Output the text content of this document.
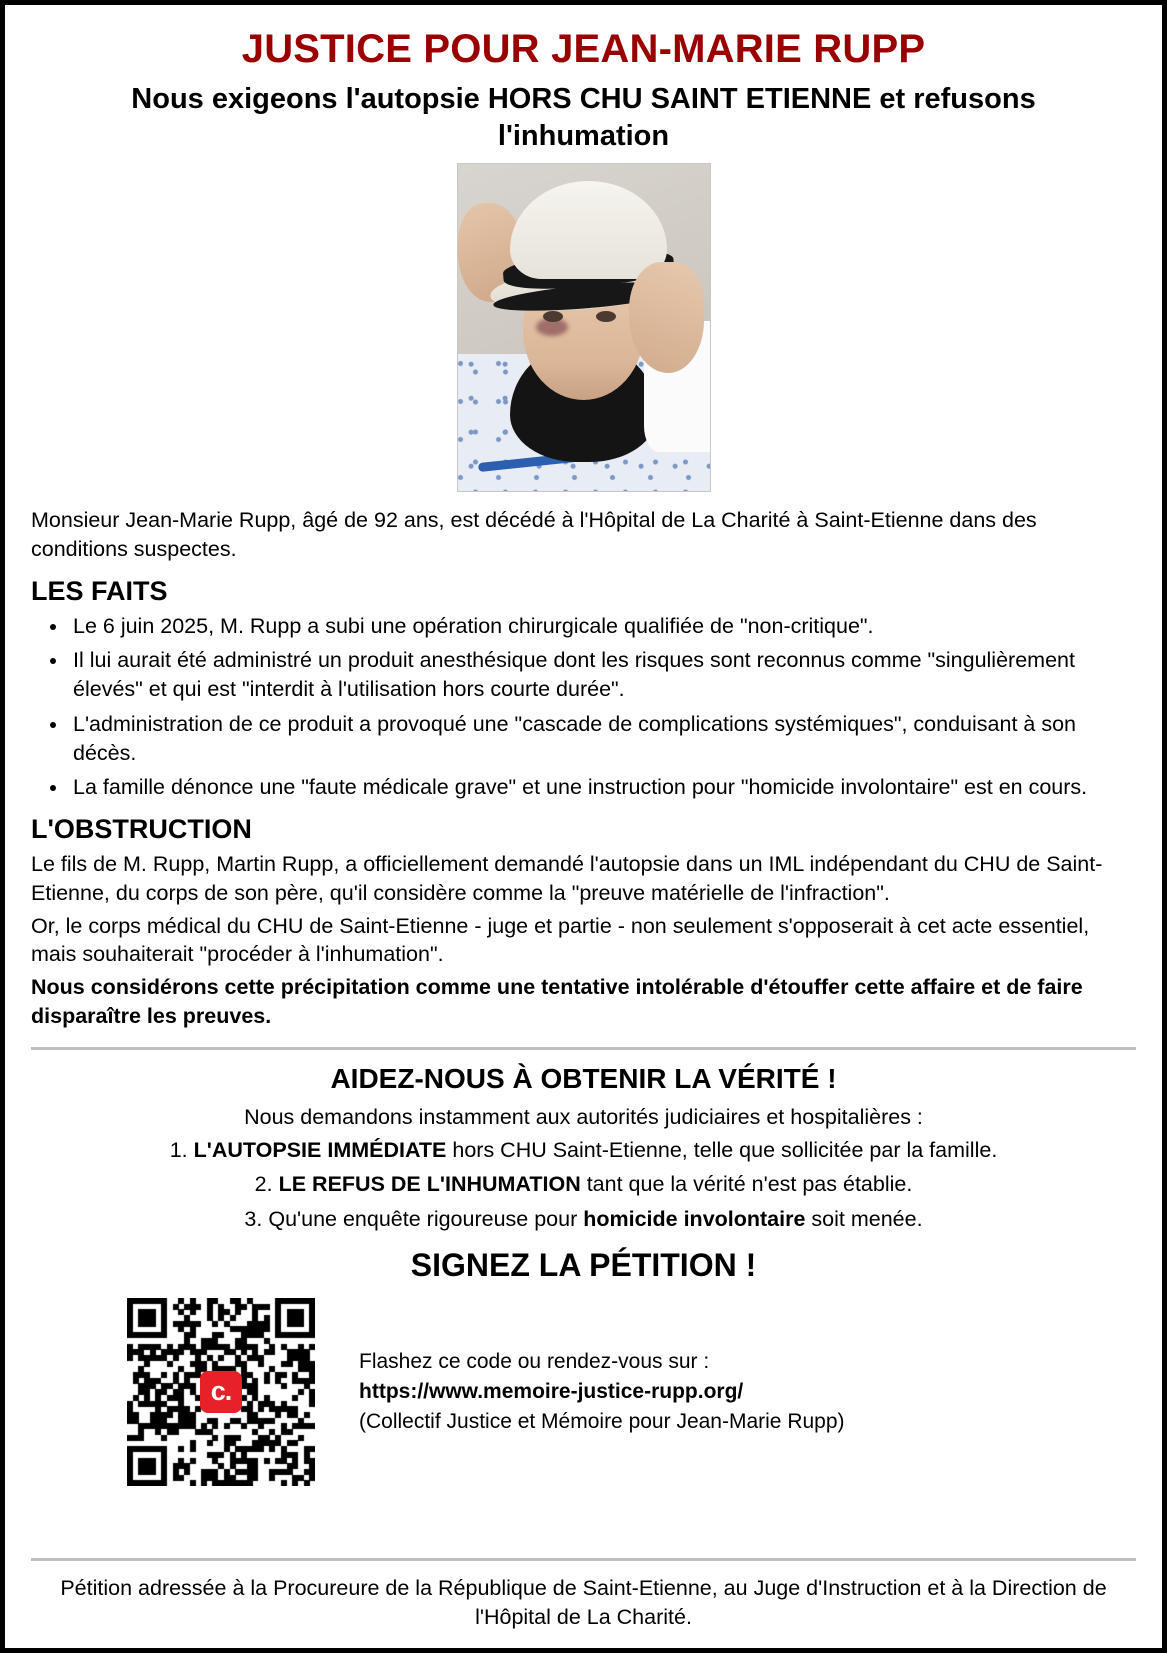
JUSTICE POUR JEAN-MARIE RUPP
Nous exigeons l'autopsie HORS CHU SAINT ETIENNE et refusons l'inhumation

Monsieur Jean-Marie Rupp, âgé de 92 ans, est décédé à l'Hôpital de La Charité à Saint-Etienne dans des conditions suspectes.

LES FAITS
• Le 6 juin 2025, M. Rupp a subi une opération chirurgicale qualifiée de "non-critique".
• Il lui aurait été administré un produit anesthésique dont les risques sont reconnus comme "singulièrement élevés" et qui est "interdit à l'utilisation hors courte durée".
• L'administration de ce produit a provoqué une "cascade de complications systémiques", conduisant à son décès.
• La famille dénonce une "faute médicale grave" et une instruction pour "homicide involontaire" est en cours.
L'OBSTRUCTION

Le fils de M. Rupp, Martin Rupp, a officiellement demandé l'autopsie dans un IML indépendant du CHU de Saint-Etienne, du corps de son père, qu'il considère comme la "preuve matérielle de l'infraction".

Or, le corps médical du CHU de Saint-Etienne - juge et partie - non seulement s'opposerait à cet acte essentiel, mais souhaiterait "procéder à l'inhumation".

Nous considérons cette précipitation comme une tentative intolérable d'étouffer cette affaire et de faire disparaître les preuves.

AIDEZ-NOUS À OBTENIR LA VÉRITÉ !
Nous demandons instamment aux autorités judiciaires et hospitalières :
L'AUTOPSIE IMMÉDIATE hors CHU Saint-Etienne, telle que sollicitée par la famille.
LE REFUS DE L'INHUMATION tant que la vérité n'est pas établie.
Qu'une enquête rigoureuse pour homicide involontaire soit menée.
SIGNEZ LA PÉTITION !
c.
Flashez ce code ou rendez-vous sur :
https://www.memoire-justice-rupp.org/
(Collectif Justice et Mémoire pour Jean-Marie Rupp)

Pétition adressée à la Procureure de la République de Saint-Etienne, au Juge d'Instruction et à la Direction de l'Hôpital de La Charité.
